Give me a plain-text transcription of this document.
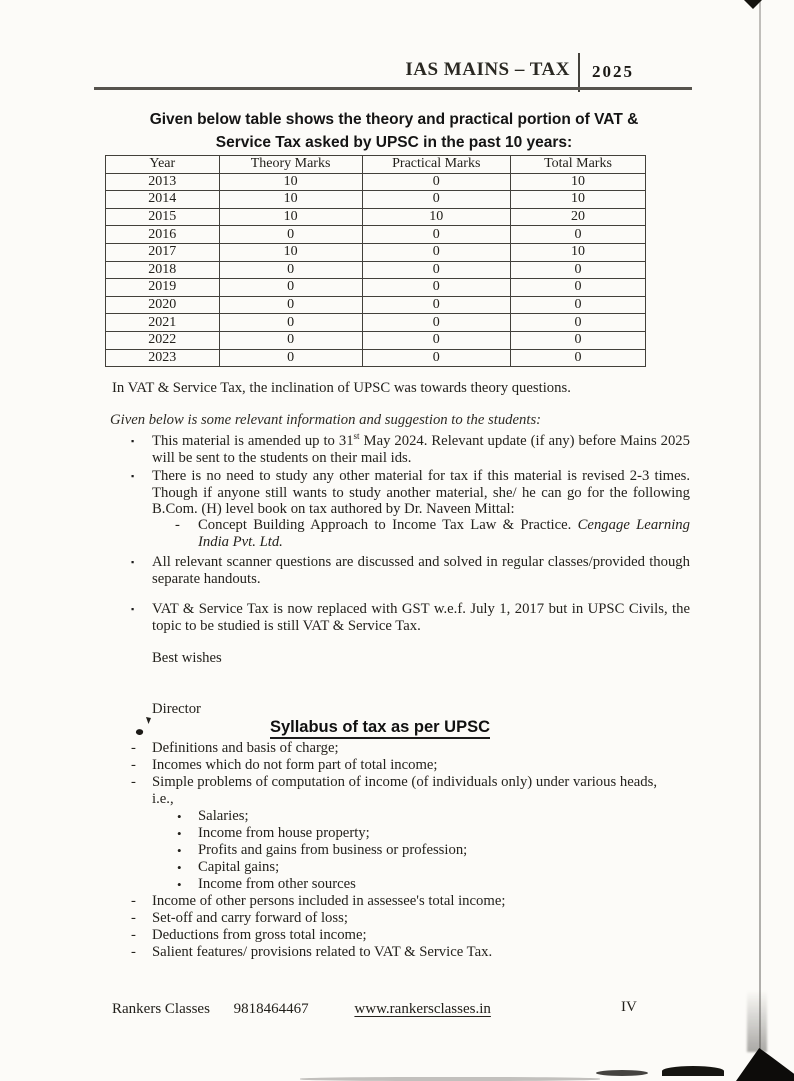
IAS MAINS – TAX 2025
Given below table shows the theory and practical portion of VAT &
Service Tax asked by UPSC in the past 10 years:
Year	Theory Marks	Practical Marks	Total Marks
2013	10	0	10
2014	10	0	10
2015	10	10	20
2016	0	0	0
2017	10	0	10
2018	0	0	0
2019	0	0	0
2020	0	0	0
2021	0	0	0
2022	0	0	0
2023	0	0	0
In VAT & Service Tax, the inclination of UPSC was towards theory questions.
Given below is some relevant information and suggestion to the students:
▪	This material is amended up to 31st May 2024. Relevant update (if any) before Mains 2025 will be sent to the students on their mail ids.
▪	There is no need to study any other material for tax if this material is revised 2-3 times. Though if anyone still wants to study another material, she/ he can go for the following B.Com. (H) level book on tax authored by Dr. Naveen Mittal:
-	Concept Building Approach to Income Tax Law & Practice. Cengage Learning India Pvt. Ltd.
▪	All relevant scanner questions are discussed and solved in regular classes/provided though separate handouts.
▪	VAT & Service Tax is now replaced with GST w.e.f. July 1, 2017 but in UPSC Civils, the topic to be studied is still VAT & Service Tax.
Best wishes
Director
Syllabus of tax as per UPSC
-	Definitions and basis of charge;
-	Incomes which do not form part of total income;
-	Simple problems of computation of income (of individuals only) under various heads,
i.e.,
•	Salaries;
•	Income from house property;
•	Profits and gains from business or profession;
•	Capital gains;
•	Income from other sources
-	Income of other persons included in assessee's total income;
-	Set-off and carry forward of loss;
-	Deductions from gross total income;
-	Salient features/ provisions related to VAT & Service Tax.
Rankers Classes 9818464467	www.rankersclasses.in	IV
